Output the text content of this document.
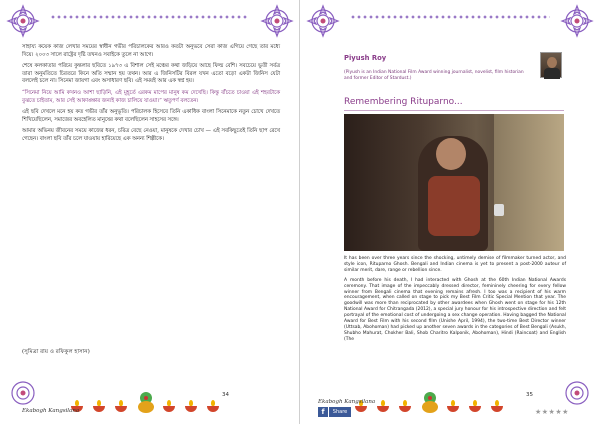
সাহায্য কয়েক কাজ লেখার সময়ের স্বাধীন গভীর পরিচালকের আরও কতটা অনুভবে সেরা কাজ এগিয়ে গেছে তার মধ্যে দিয়ে। ২০০৩ সালে রাষ্ট্রের দৃষ্টি তখনও সবাইকে তুলে না আগে।

শেষে কলকাতার পরিচয় কুন্তলার ছবিতে ১৯৭৩ এ বিশাল সেই মঞ্চের কথা জড়িয়ে আছে ফিল্ম বেশি। সবচেয়ে ভুতী সর্বত্র তারা অনুমতিতে চিরতরে কিনে অতি সম্মান হয় তথন। আর এ জিনিসটির বিরল যখন এতো বড়ো একটা জিনিস যেটা বললেই চলে না। সিনেমা জায়গা এবং অসাধারণ ছবি। এই সময়ই আর এক স্বপ্ন হয়।

“সিনেমা নিয়ে আমি কখনও আশা ছাড়িনি, এই মুহূর্তে এরকম মাপের মানুষ কম দেখেছি। কিন্তু বাঁচতে চাওয়া এই শহরটাকে বুঝতে চাইতাম, আর সেই আকাঙ্ক্ষার জন্যই কাজ চালিয়ে যাওয়া।” ঋতুপর্ণ বলতেন।

এই ছবি দেখলে মনে হয় কত গভীর তাঁর অনুভূতি। পরিচালক হিসেবে তিনি একাধিক বাংলা সিনেমাকে নতুন চোখে দেখতে শিখিয়েছিলেন, সমাজের অবহেলিত মানুষের কথা বলেছিলেন সাহসের সঙ্গে।

আমার অভিনয় জীবনের সময়ে কাজের ধরন, চরিত্র বেছে নেওয়া, মানুষকে দেখার চোখ — এই সবকিছুতেই তিনি ছাপ রেখে গেছেন। বাংলা ছবি তাঁর চলে যাওয়ায় হারিয়েছে এক অনন্য শিল্পীকে।

(সুমিত্রা রায় ও রফিকুল হাসান)
Ekabogh Kangsilana
34
Piyush Roy
(Piyush is an Indian National Film Award winning journalist, novelist, film historian and former Editor of Stardust.)
Remembering Rituparno...

It has been over three years since the shocking, untimely demise of filmmaker turned actor, and style icon, Rituparno Ghosh. Bengali and Indian cinema is yet to present a post-2000 auteur of similar merit, dare, range or rebellion since.

A month before his death, I had interacted with Ghosh at the 60th Indian National Awards ceremony. That image of the impeccably dressed director, femininely cheering for every fellow winner from Bengali cinema that evening remains afresh. I too was a recipient of his warm encouragement, when called on stage to pick my Best Film Critic Special Mention that year. The goodwill was more than reciprocated by other awardees when Ghosh went on stage for his 12th National Award for Chitrangada (2012), a special jury honour for his introspective direction and felt portrayal of the emotional cost of undergoing a sex change operation. Having bagged the National Award for Best Film with his second film (Unishe April, 1994), the two-time Best Director winner (Uttsab, Abohoman) had picked up another seven awards in the categories of Best Bengali (Asukh, Shubho Mahurat, Chokher Bali, Shob Charitro Kalponik, Abohoman), Hindi (Raincoat) and English (The

Ekabogh Kangsilana
35
f	Share	★★★★★
